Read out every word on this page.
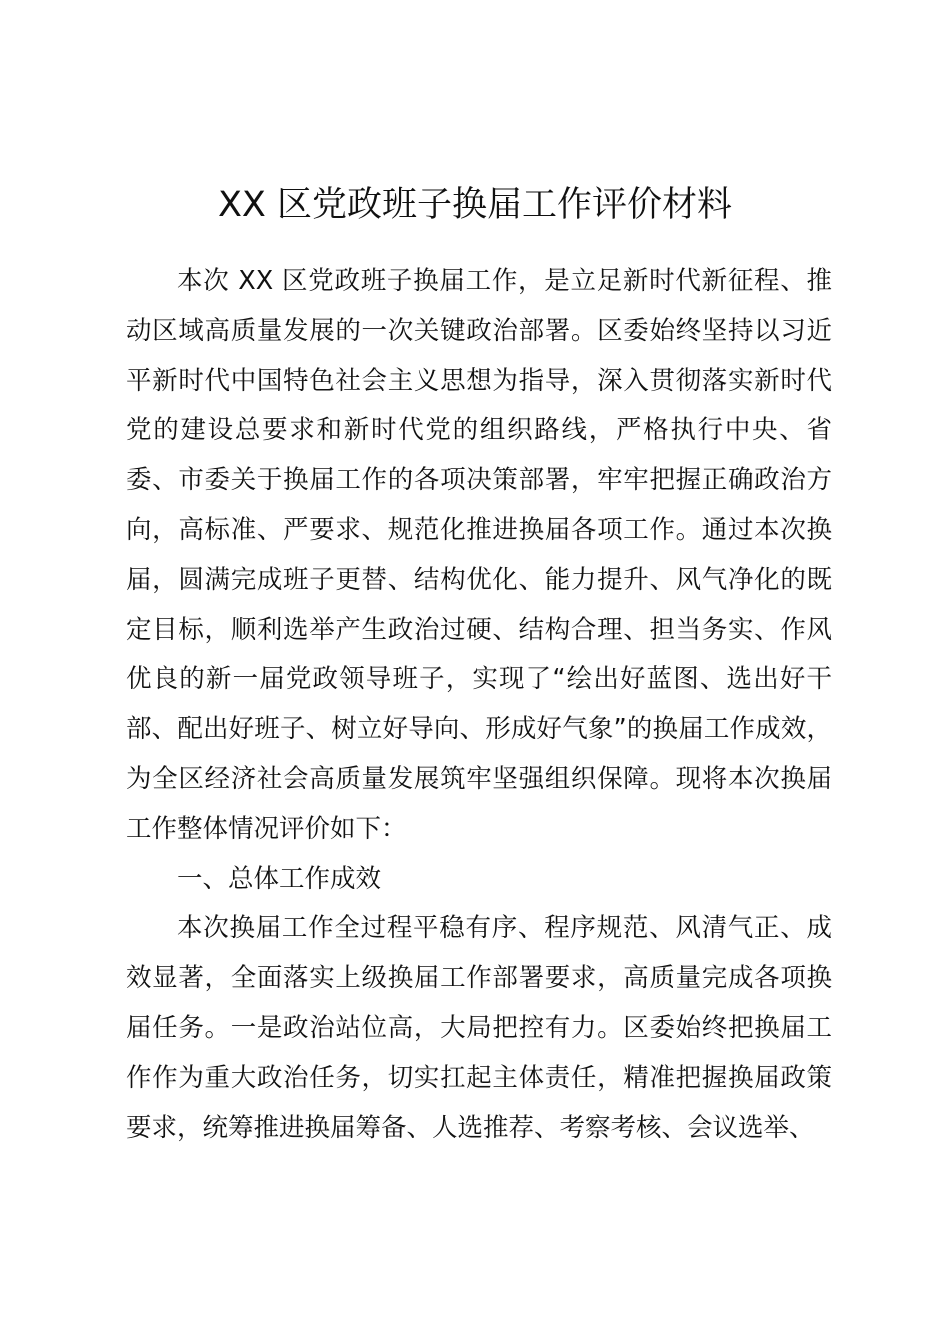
XX 区党政班子换届工作评价材料

本次 XX 区党政班子换届工作，是立足新时代新征程、推动区域高质量发展的一次关键政治部署。区委始终坚持以习近平新时代中国特色社会主义思想为指导，深入贯彻落实新时代党的建设总要求和新时代党的组织路线，严格执行中央、省委、市委关于换届工作的各项决策部署，牢牢把握正确政治方向，高标准、严要求、规范化推进换届各项工作。通过本次换届，圆满完成班子更替、结构优化、能力提升、风气净化的既定目标，顺利选举产生政治过硬、结构合理、担当务实、作风优良的新一届党政领导班子，实现了“绘出好蓝图、选出好干部、配出好班子、树立好导向、形成好气象”的换届工作成效，为全区经济社会高质量发展筑牢坚强组织保障。现将本次换届工作整体情况评价如下：

一、总体工作成效

本次换届工作全过程平稳有序、程序规范、风清气正、成效显著，全面落实上级换届工作部署要求，高质量完成各项换届任务。一是政治站位高，大局把控有力。区委始终把换届工作作为重大政治任务，切实扛起主体责任，精准把握换届政策要求，统筹推进换届筹备、人选推荐、考察考核、会议选举、
